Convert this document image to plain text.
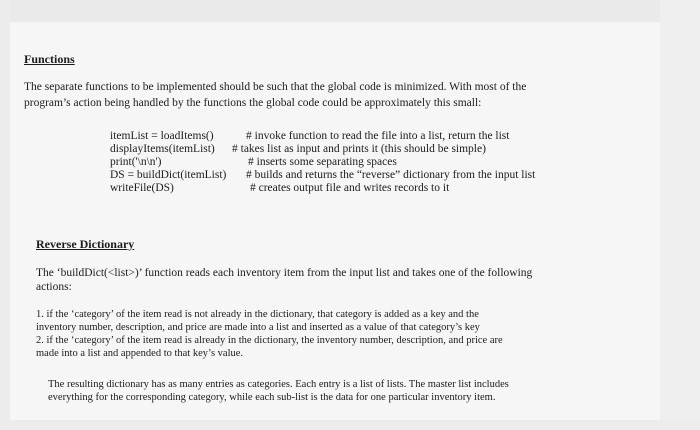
Functions
The separate functions to be implemented should be such that the global code is minimized. With most of the
program’s action being handled by the functions the global code could be approximately this small:
itemList = loadItems()	# invoke function to read the file into a list, return the list
displayItems(itemList) # takes list as input and prints it (this should be simple)
print('\n\n')	# inserts some separating spaces
DS = buildDict(itemList) # builds and returns the “reverse” dictionary from the input list
writeFile(DS)	# creates output file and writes records to it
Reverse Dictionary
The ‘buildDict(<list>)’ function reads each inventory item from the input list and takes one of the following
actions:
1. if the ‘category’ of the item read is not already in the dictionary, that category is added as a key and the
inventory number, description, and price are made into a list and inserted as a value of that category’s key
2. if the ‘category’ of the item read is already in the dictionary, the inventory number, description, and price are
made into a list and appended to that key’s value.
The resulting dictionary has as many entries as categories. Each entry is a list of lists. The master list includes
everything for the corresponding category, while each sub-list is the data for one particular inventory item.
